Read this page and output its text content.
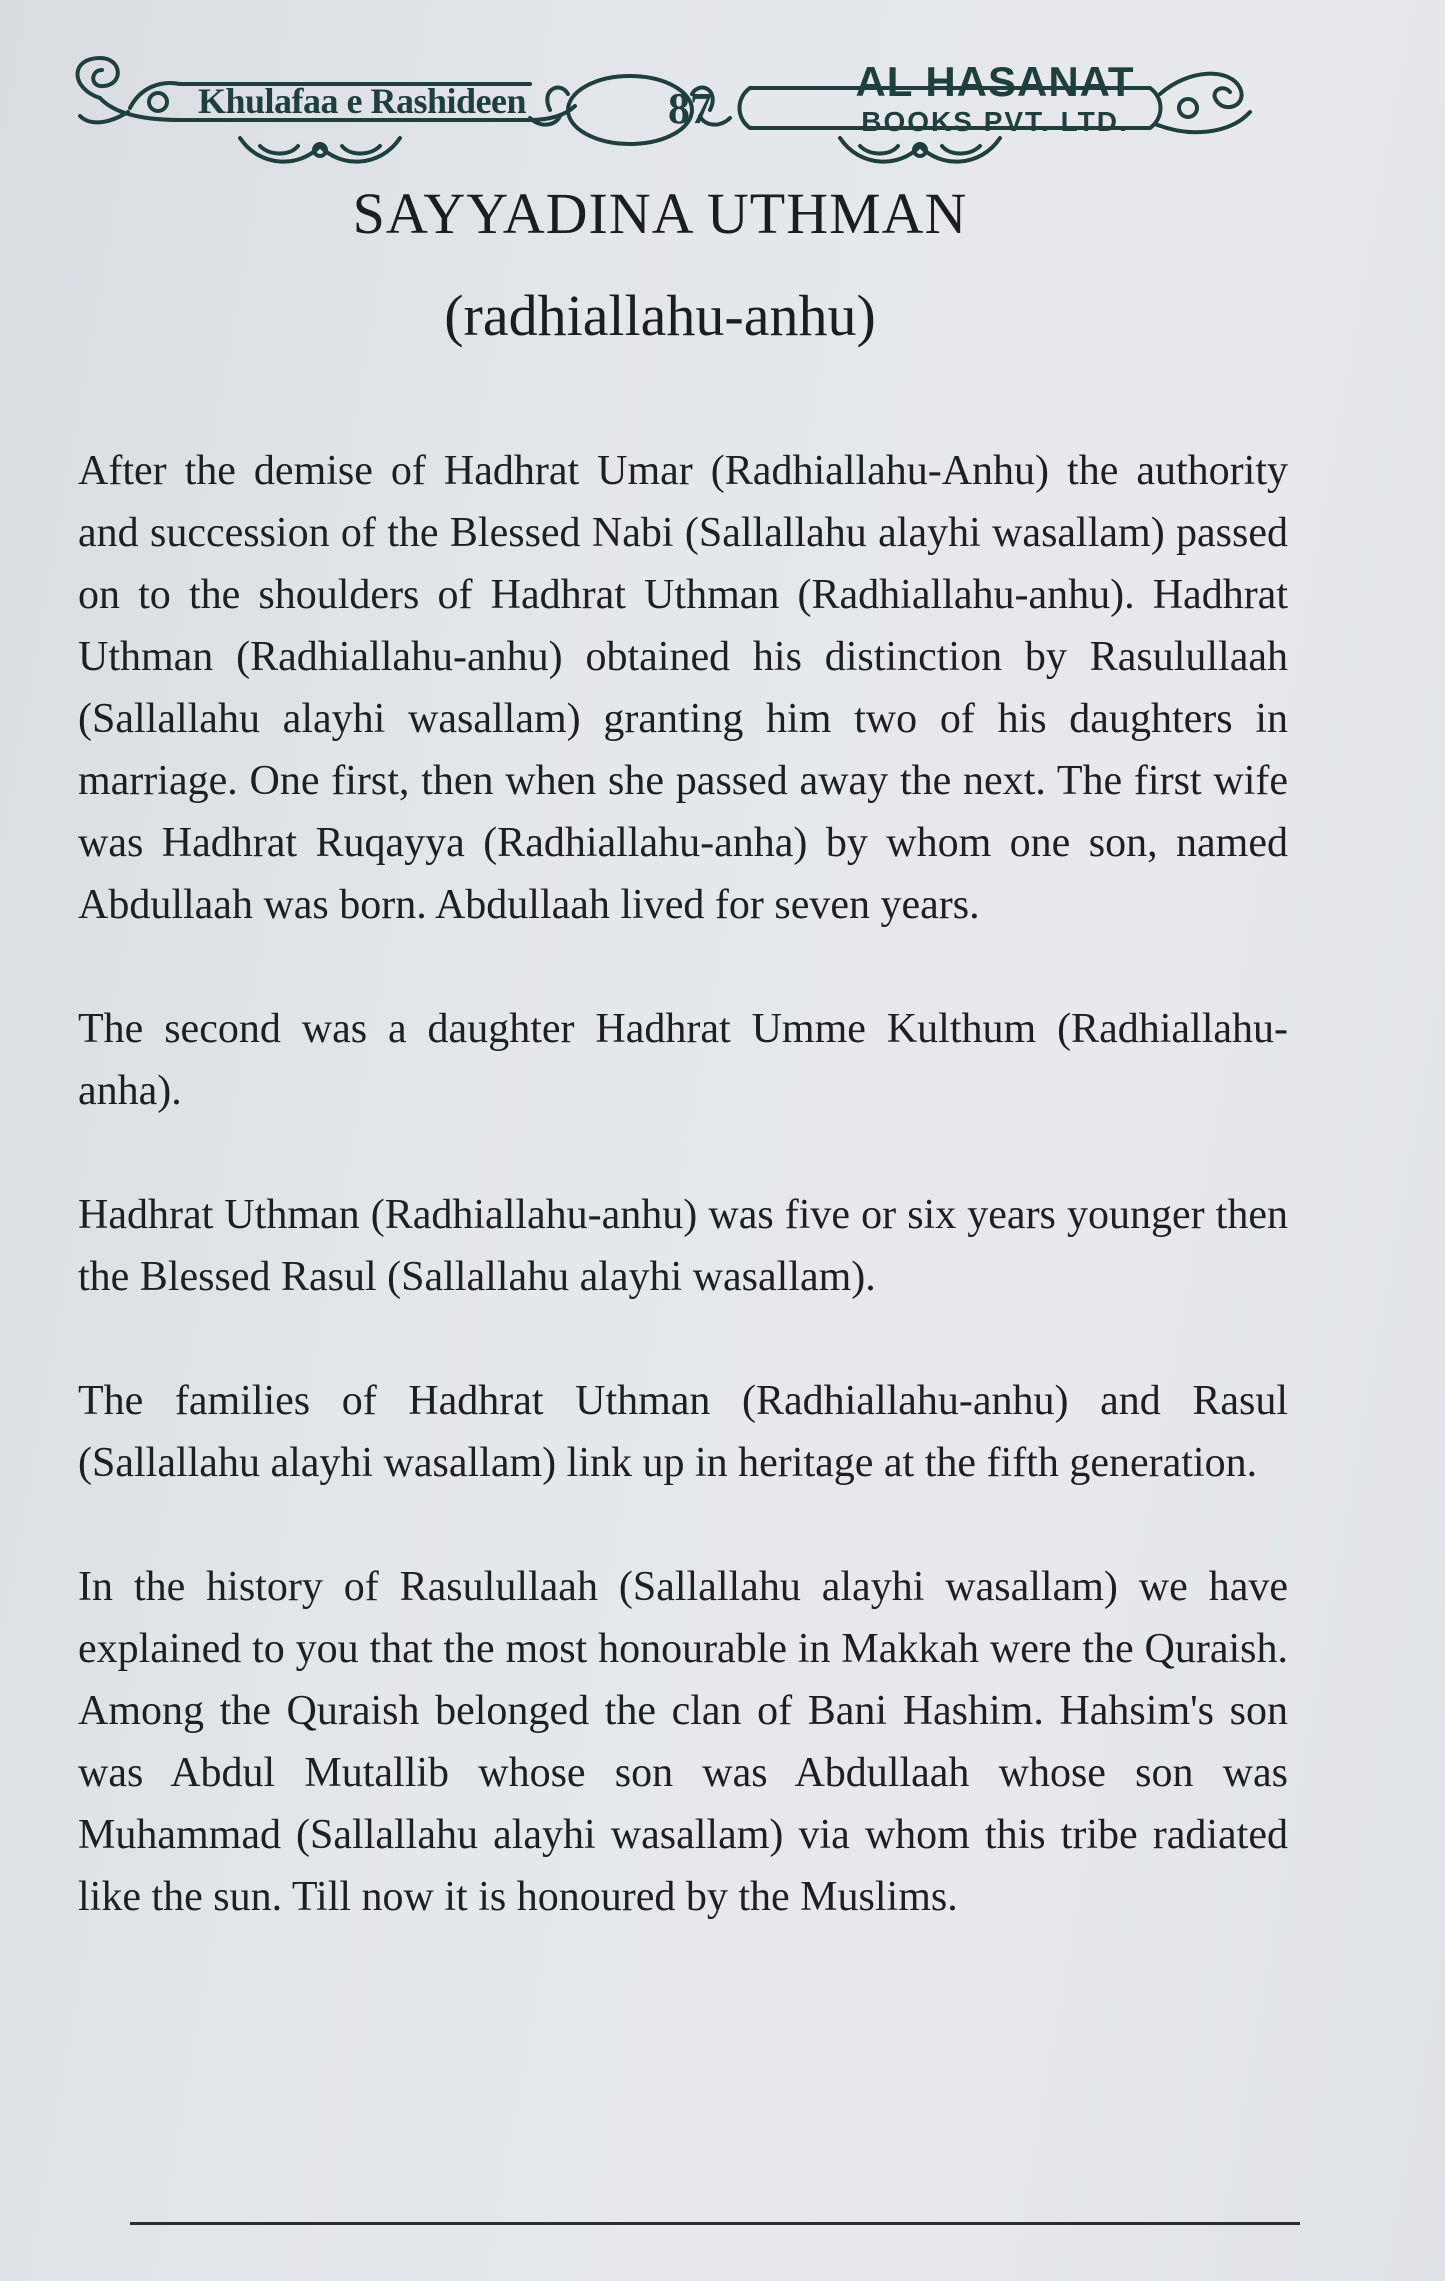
Khulafaa e Rashideen	87
AL HASANAT
BOOKS PVT. LTD.
SAYYADINA UTHMAN
(radhiallahu-anhu)

After the demise of Hadhrat Umar (Radhiallahu-Anhu) the authority and succession of the Blessed Nabi (Sallallahu alayhi wasallam) passed on to the shoulders of Hadhrat Uthman (Radhiallahu-anhu). Hadhrat Uthman (Radhiallahu-anhu) obtained his distinction by Rasulullaah (Sallallahu alayhi wasallam) granting him two of his daughters in marriage. One first, then when she passed away the next. The first wife was Hadhrat Ruqayya (Radhiallahu-anha) by whom one son, named Abdullaah was born. Abdullaah lived for seven years.

The second was a daughter Hadhrat Umme Kulthum (Radhiallahu-anha).

Hadhrat Uthman (Radhiallahu-anhu) was five or six years younger then the Blessed Rasul (Sallallahu alayhi wasallam).

The families of Hadhrat Uthman (Radhiallahu-anhu) and Rasul (Sallallahu alayhi wasallam) link up in heritage at the fifth generation.

In the history of Rasulullaah (Sallallahu alayhi wasallam) we have explained to you that the most honourable in Makkah were the Quraish. Among the Quraish belonged the clan of Bani Hashim. Hahsim's son was Abdul Mutallib whose son was Abdullaah whose son was Muhammad (Sallallahu alayhi wasallam) via whom this tribe radiated like the sun. Till now it is honoured by the Muslims.
